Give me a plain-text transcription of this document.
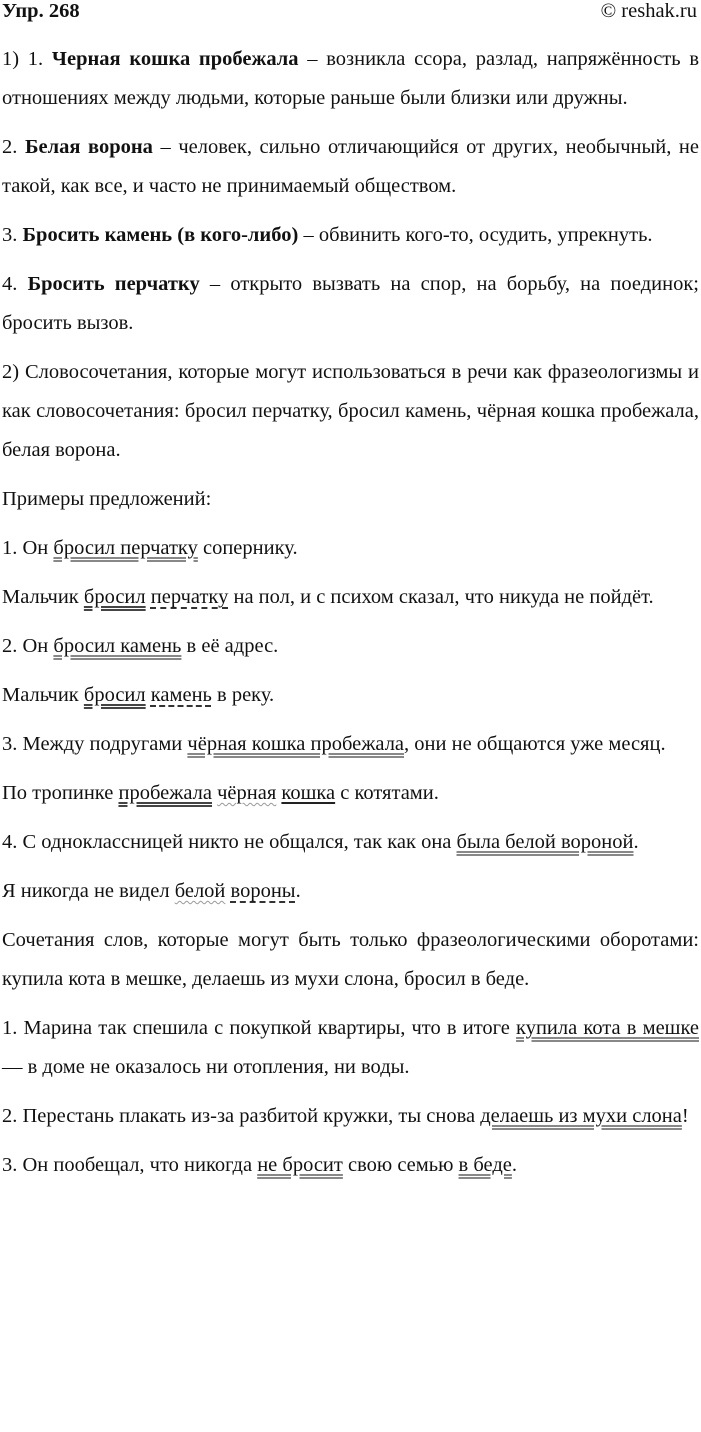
Упр. 268	© reshak.ru

1) 1. Черная кошка пробежала – возникла ссора, разлад, напряжённость в отношениях между людьми, которые раньше были близки или дружны.

2. Белая ворона – человек, сильно отличающийся от других, необычный, не такой, как все, и часто не принимаемый обществом.

3. Бросить камень (в кого-либо) – обвинить кого-то, осудить, упрекнуть.

4. Бросить перчатку – открыто вызвать на спор, на борьбу, на поединок; бросить вызов.

2) Словосочетания, которые могут использоваться в речи как фразеологизмы и как словосочетания: бросил перчатку, бросил камень, чёрная кошка пробежала, белая ворона.

Примеры предложений:

1. Он бросил перчатку сопернику.

Мальчик бросил перчатку на пол, и с психом сказал, что никуда не пойдёт.

2. Он бросил камень в её адрес.

Мальчик бросил камень в реку.

3. Между подругами чёрная кошка пробежала, они не общаются уже месяц.

По тропинке пробежала чёрная кошка с котятами.

4. С одноклассницей никто не общался, так как она была белой вороной.

Я никогда не видел белой вороны.

Сочетания слов, которые могут быть только фразеологическими оборотами: купила кота в мешке, делаешь из мухи слона, бросил в беде.

1. Марина так спешила с покупкой квартиры, что в итоге купила кота в мешке — в доме не оказалось ни отопления, ни воды.

2. Перестань плакать из-за разбитой кружки, ты снова делаешь из мухи слона!

3. Он пообещал, что никогда не бросит свою семью в беде.
